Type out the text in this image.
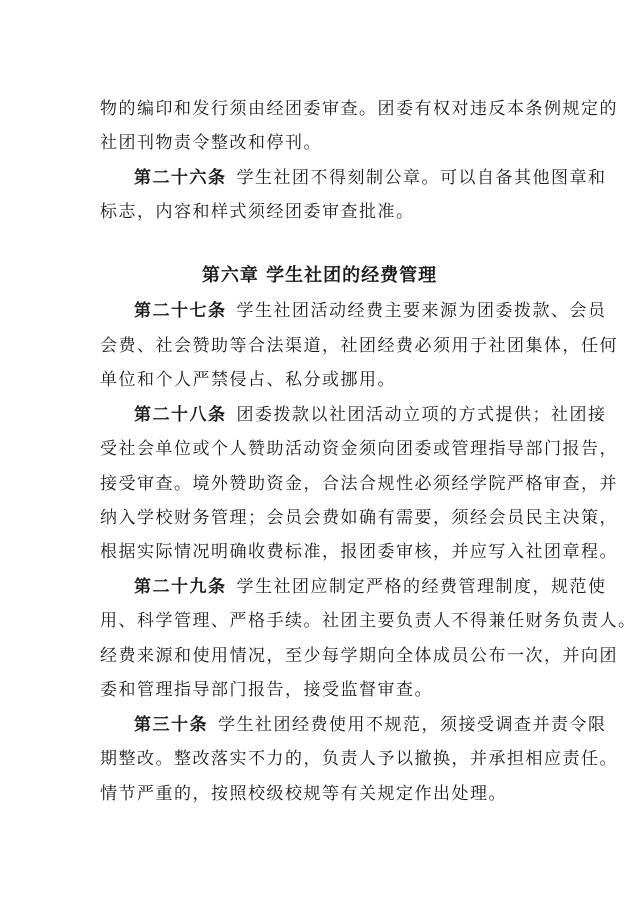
物的编印和发行须由经团委审查。团委有权对违反本条例规定的
社团刊物责令整改和停刊。
第二十六条 学生社团不得刻制公章。可以自备其他图章和
标志，内容和样式须经团委审查批准。
第六章 学生社团的经费管理
第二十七条 学生社团活动经费主要来源为团委拨款、会员
会费、社会赞助等合法渠道，社团经费必须用于社团集体，任何
单位和个人严禁侵占、私分或挪用。
第二十八条 团委拨款以社团活动立项的方式提供；社团接
受社会单位或个人赞助活动资金须向团委或管理指导部门报告，
接受审查。境外赞助资金，合法合规性必须经学院严格审查，并
纳入学校财务管理；会员会费如确有需要，须经会员民主决策，
根据实际情况明确收费标准，报团委审核，并应写入社团章程。
第二十九条 学生社团应制定严格的经费管理制度，规范使
用、科学管理、严格手续。社团主要负责人不得兼任财务负责人。
经费来源和使用情况，至少每学期向全体成员公布一次，并向团
委和管理指导部门报告，接受监督审查。
第三十条 学生社团经费使用不规范，须接受调查并责令限
期整改。整改落实不力的，负责人予以撤换，并承担相应责任。
情节严重的，按照校级校规等有关规定作出处理。
